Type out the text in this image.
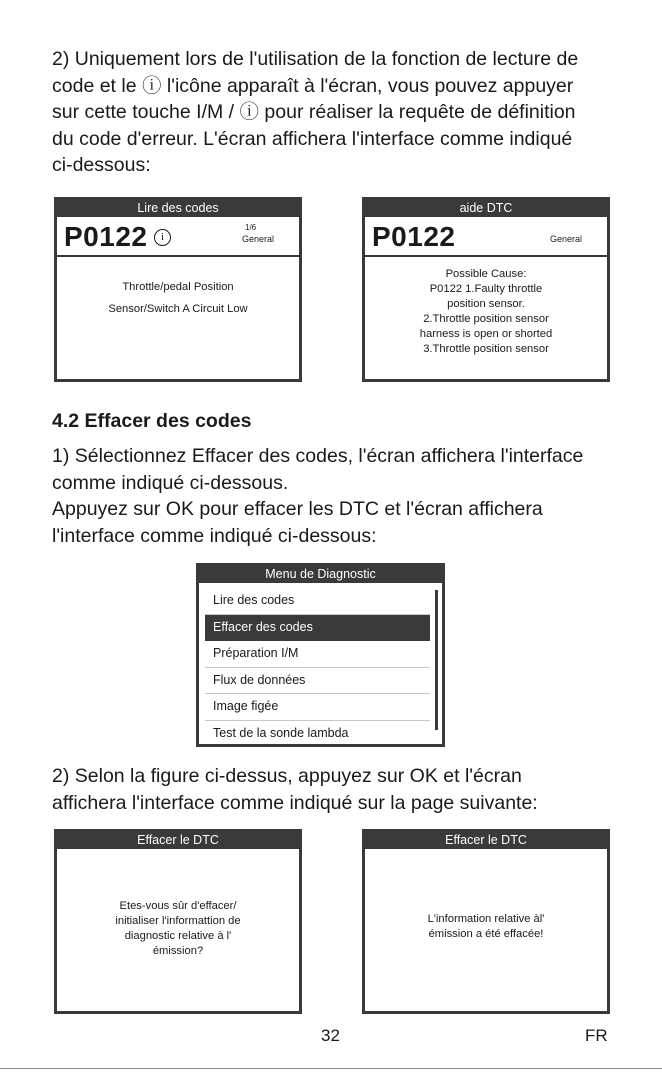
2) Uniquement lors de l'utilisation de la fonction de lecture de
code et le ⓘ l'icône apparaît à l'écran, vous pouvez appuyer
sur cette touche I/M / ⓘ pour réaliser la requête de définition
du code d'erreur. L'écran affichera l'interface comme indiqué
ci-dessous:
Lire des codes
P0122	i
1/6
General
Throttle/pedal Position
Sensor/Switch A Circuit Low
aide DTC
P0122	General
Possible Cause:
P0122 1.Faulty throttle
position sensor.
2.Throttle position sensor
harness is open or shorted
3.Throttle position sensor
4.2 Effacer des codes
1) Sélectionnez Effacer des codes, l'écran affichera l'interface
comme indiqué ci-dessous.
Appuyez sur OK pour effacer les DTC et l'écran affichera
l'interface comme indiqué ci-dessous:
Menu de Diagnostic
Lire des codes
Effacer des codes
Préparation I/M
Flux de données
Image figée
Test de la sonde lambda
2) Selon la figure ci-dessus, appuyez sur OK et l'écran
affichera l'interface comme indiqué sur la page suivante:
Effacer le DTC
Etes-vous sûr d'effacer/
initialiser l'informattion de
diagnostic relative à l'
émission?
Effacer le DTC
L'information relative àl'
émission a été effacée!
32	FR
